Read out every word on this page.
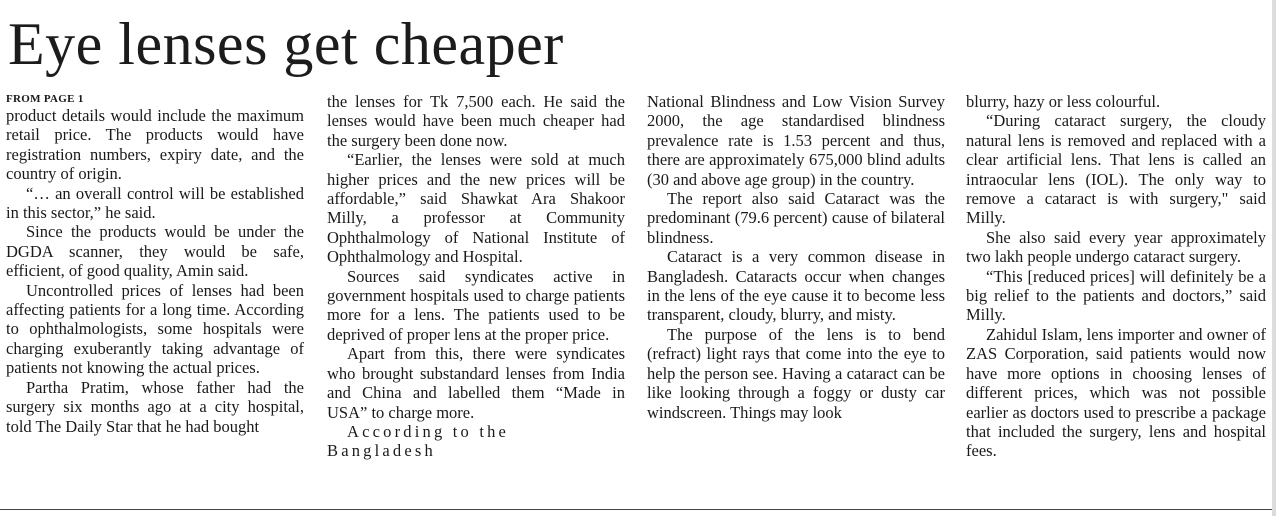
Eye lenses get cheaper
FROM PAGE 1

product details would include the maximum retail price. The products would have registration numbers, expiry date, and the country of origin.

“… an overall control will be established in this sector,” he said.

Since the products would be under the DGDA scanner, they would be safe, efficient, of good quality, Amin said.

Uncontrolled prices of lenses had been affecting patients for a long time. According to ophthalmologists, some hospitals were charging exuberantly taking advantage of patients not knowing the actual prices.

Partha Pratim, whose father had the surgery six months ago at a city hospital, told The Daily Star that he had bought

the lenses for Tk 7,500 each. He said the lenses would have been much cheaper had the surgery been done now.

“Earlier, the lenses were sold at much higher prices and the new prices will be affordable,” said Shawkat Ara Shakoor Milly, a professor at Community Ophthalmology of National Institute of Ophthalmology and Hospital.

Sources said syndicates active in government hospitals used to charge patients more for a lens. The patients used to be deprived of proper lens at the proper price.

Apart from this, there were syndicates who brought substandard lenses from India and China and labelled them “Made in USA” to charge more.

According to the Bangladesh

National Blindness and Low Vision Survey 2000, the age standardised blindness prevalence rate is 1.53 percent and thus, there are approximately 675,000 blind adults (30 and above age group) in the country.

The report also said Cataract was the predominant (79.6 percent) cause of bilateral blindness.

Cataract is a very common disease in Bangladesh. Cataracts occur when changes in the lens of the eye cause it to become less transparent, cloudy, blurry, and misty.

The purpose of the lens is to bend (refract) light rays that come into the eye to help the person see. Having a cataract can be like looking through a foggy or dusty car windscreen. Things may look

blurry, hazy or less colourful.

“During cataract surgery, the cloudy natural lens is removed and replaced with a clear artificial lens. That lens is called an intraocular lens (IOL). The only way to remove a cataract is with surgery," said Milly.

She also said every year approximately two lakh people undergo cataract surgery.

“This [reduced prices] will definitely be a big relief to the patients and doctors,” said Milly.

Zahidul Islam, lens importer and owner of ZAS Corporation, said patients would now have more options in choosing lenses of different prices, which was not possible earlier as doctors used to prescribe a package that included the surgery, lens and hospital fees.
